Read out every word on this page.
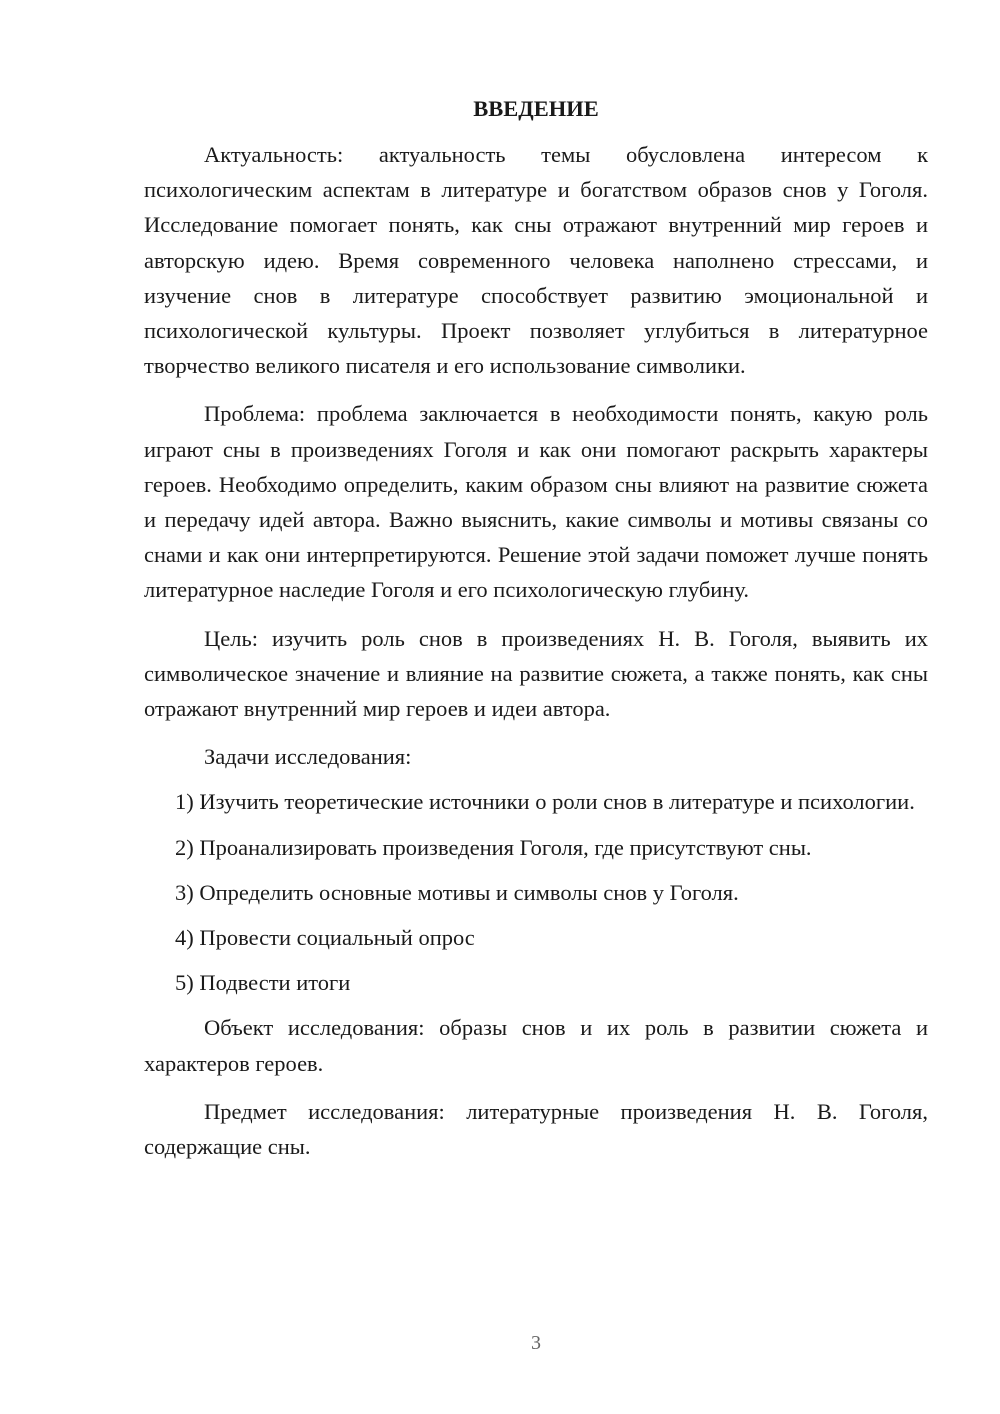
ВВЕДЕНИЕ

Актуальность: актуальность темы обусловлена интересом к психологическим аспектам в литературе и богатством образов снов у Гоголя. Исследование помогает понять, как сны отражают внутренний мир героев и авторскую идею. Время современного человека наполнено стрессами, и изучение снов в литературе способствует развитию эмоциональной и психологической культуры. Проект позволяет углубиться в литературное творчество великого писателя и его использование символики.

Проблема: проблема заключается в необходимости понять, какую роль играют сны в произведениях Гоголя и как они помогают раскрыть характеры героев. Необходимо определить, каким образом сны влияют на развитие сюжета и передачу идей автора. Важно выяснить, какие символы и мотивы связаны со снами и как они интерпретируются. Решение этой задачи поможет лучше понять литературное наследие Гоголя и его психологическую глубину.

Цель: изучить роль снов в произведениях Н. В. Гоголя, выявить их символическое значение и влияние на развитие сюжета, а также понять, как сны отражают внутренний мир героев и идеи автора.

Задачи исследования:

1) Изучить теоретические источники о роли снов в литературе и психологии.

2) Проанализировать произведения Гоголя, где присутствуют сны.

3) Определить основные мотивы и символы снов у Гоголя.

4) Провести социальный опрос

5) Подвести итоги

Объект исследования: образы снов и их роль в развитии сюжета и характеров героев.

Предмет исследования: литературные произведения Н. В. Гоголя, содержащие сны.

3
